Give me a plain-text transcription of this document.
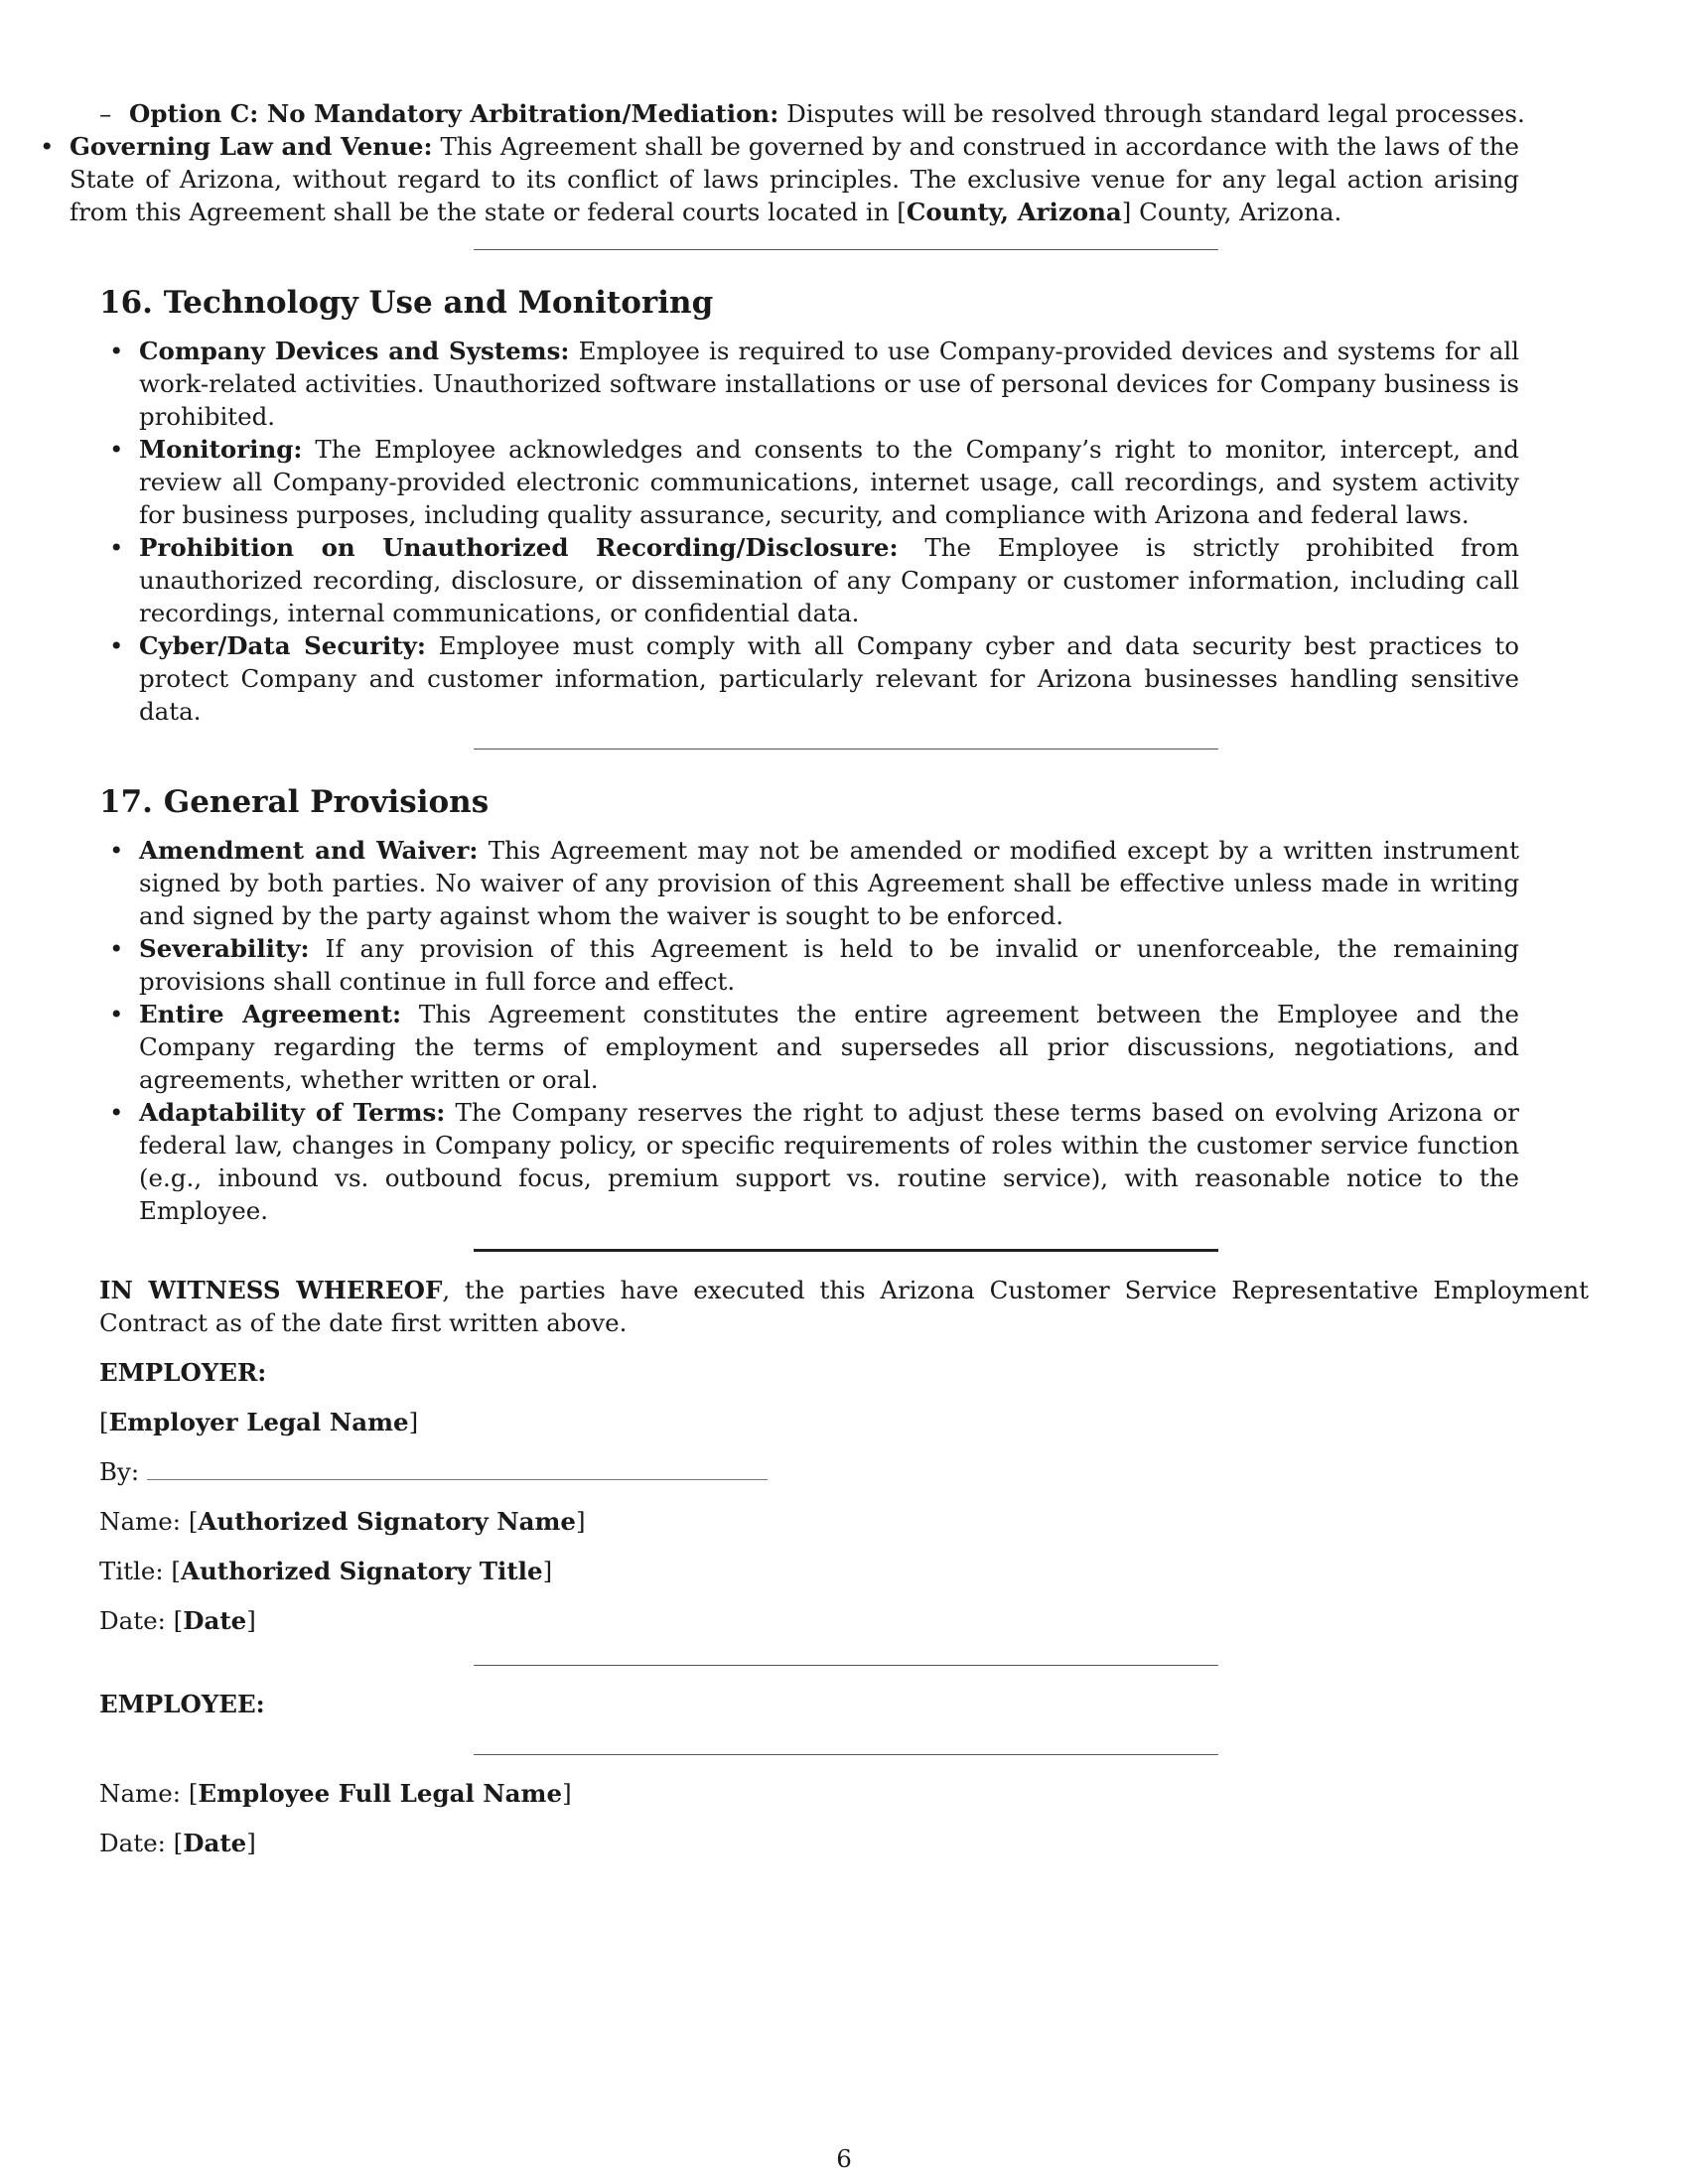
– Option C: No Mandatory Arbitration/Mediation: Disputes will be resolved through standard legal processes.
• Governing Law and Venue: This Agreement shall be governed by and construed in accordance with the laws of the State of Arizona, without regard to its conflict of laws principles. The exclusive venue for any legal action arising from this Agreement shall be the state or federal courts located in [County, Arizona] County, Arizona.
16. Technology Use and Monitoring
• Company Devices and Systems: Employee is required to use Company-provided devices and systems for all work-related activities. Unauthorized software installations or use of personal devices for Company business is prohibited.
• Monitoring: The Employee acknowledges and consents to the Company’s right to monitor, intercept, and review all Company-provided electronic communications, internet usage, call recordings, and system activity for business purposes, including quality assurance, security, and compliance with Arizona and federal laws.
• Prohibition on Unauthorized Recording/Disclosure: The Employee is strictly prohibited from unauthorized recording, disclosure, or dissemination of any Company or customer information, including call recordings, internal communications, or confidential data.
• Cyber/Data Security: Employee must comply with all Company cyber and data security best practices to protect Company and customer information, particularly relevant for Arizona businesses handling sensitive data.
17. General Provisions
• Amendment and Waiver: This Agreement may not be amended or modified except by a written instrument signed by both parties. No waiver of any provision of this Agreement shall be effective unless made in writing and signed by the party against whom the waiver is sought to be enforced.
• Severability: If any provision of this Agreement is held to be invalid or unenforceable, the remaining provisions shall continue in full force and effect.
• Entire Agreement: This Agreement constitutes the entire agreement between the Employee and the Company regarding the terms of employment and supersedes all prior discussions, negotiations, and agreements, whether written or oral.
• Adaptability of Terms: The Company reserves the right to adjust these terms based on evolving Arizona or federal law, changes in Company policy, or specific requirements of roles within the customer service function (e.g., inbound vs. outbound focus, premium support vs. routine service), with reasonable notice to the Employee.

IN WITNESS WHEREOF, the parties have executed this Arizona Customer Service Representative Employment Contract as of the date first written above.

EMPLOYER:

[Employer Legal Name]

By:

Name: [Authorized Signatory Name]

Title: [Authorized Signatory Title]

Date: [Date]

EMPLOYEE:

Name: [Employee Full Legal Name]

Date: [Date]

6
